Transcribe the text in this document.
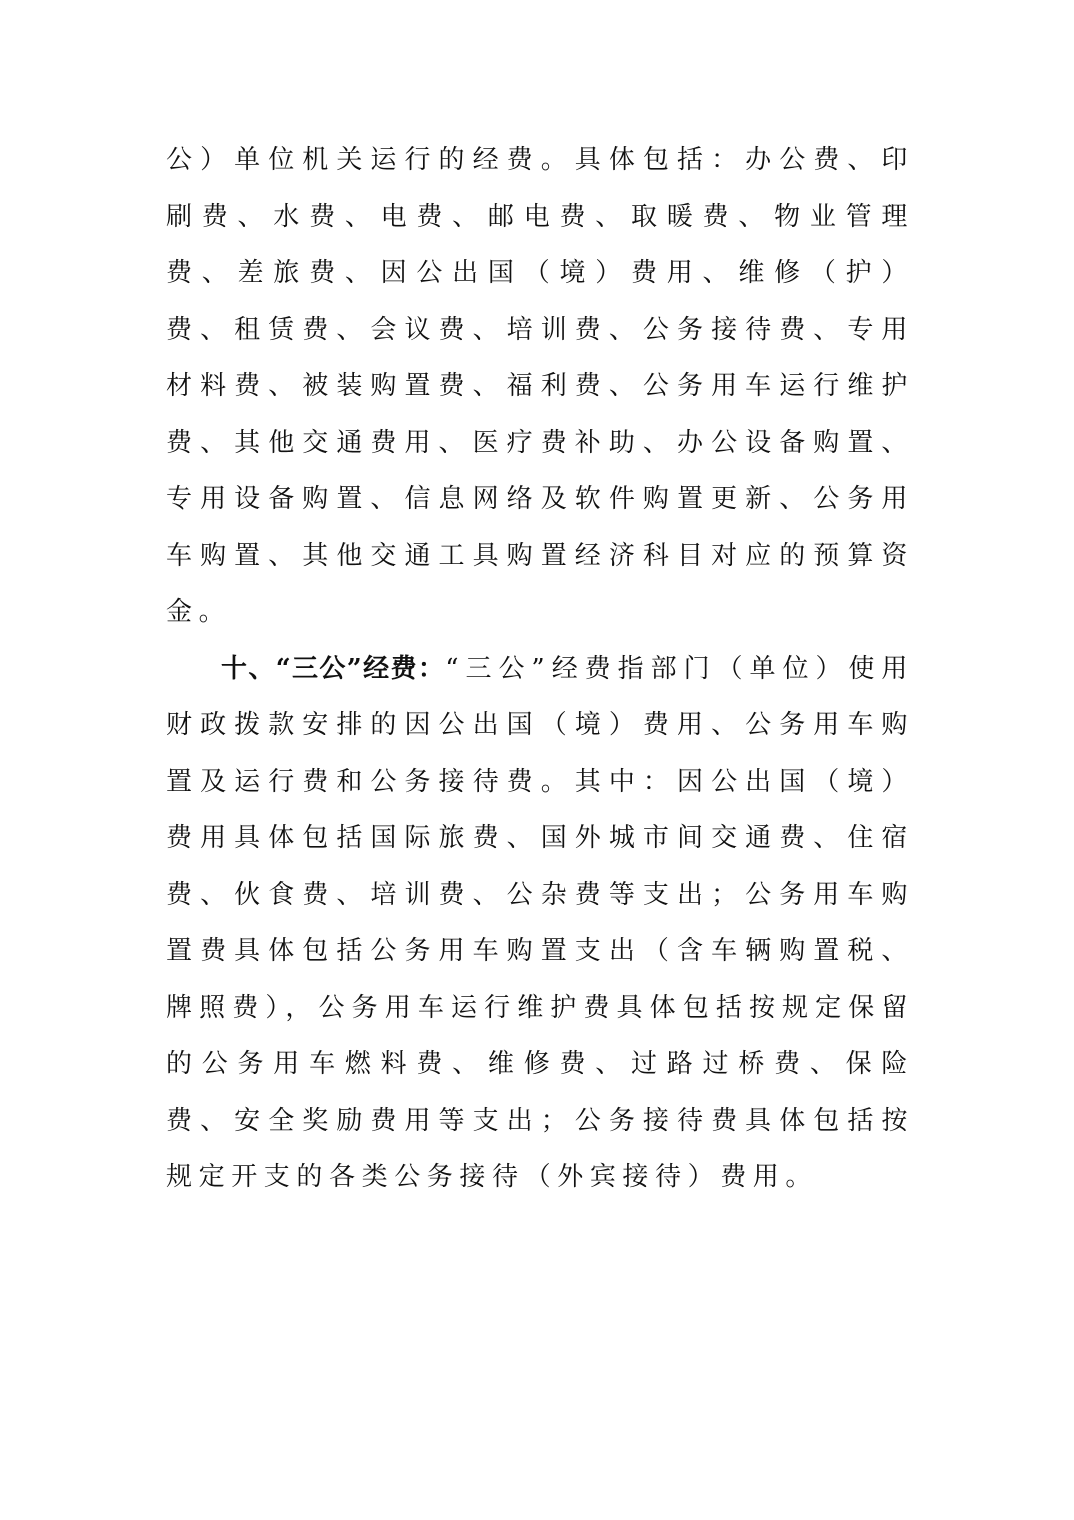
公）单位机关运行的经费。具体包括：办公费、印刷费、水费、电费、邮电费、取暖费、物业管理费、差旅费、因公出国（境）费用、维修（护）费、租赁费、会议费、培训费、公务接待费、专用材料费、被装购置费、福利费、公务用车运行维护费、其他交通费用、医疗费补助、办公设备购置、专用设备购置、信息网络及软件购置更新、公务用车购置、其他交通工具购置经济科目对应的预算资金。

十、“三公”经费：“三公”经费指部门（单位）使用财政拨款安排的因公出国（境）费用、公务用车购置及运行费和公务接待费。其中：因公出国（境）费用具体包括国际旅费、国外城市间交通费、住宿费、伙食费、培训费、公杂费等支出；公务用车购置费具体包括公务用车购置支出（含车辆购置税、牌照费），公务用车运行维护费具体包括按规定保留的公务用车燃料费、维修费、过路过桥费、保险费、安全奖励费用等支出；公务接待费具体包括按规定开支的各类公务接待（外宾接待）费用。
